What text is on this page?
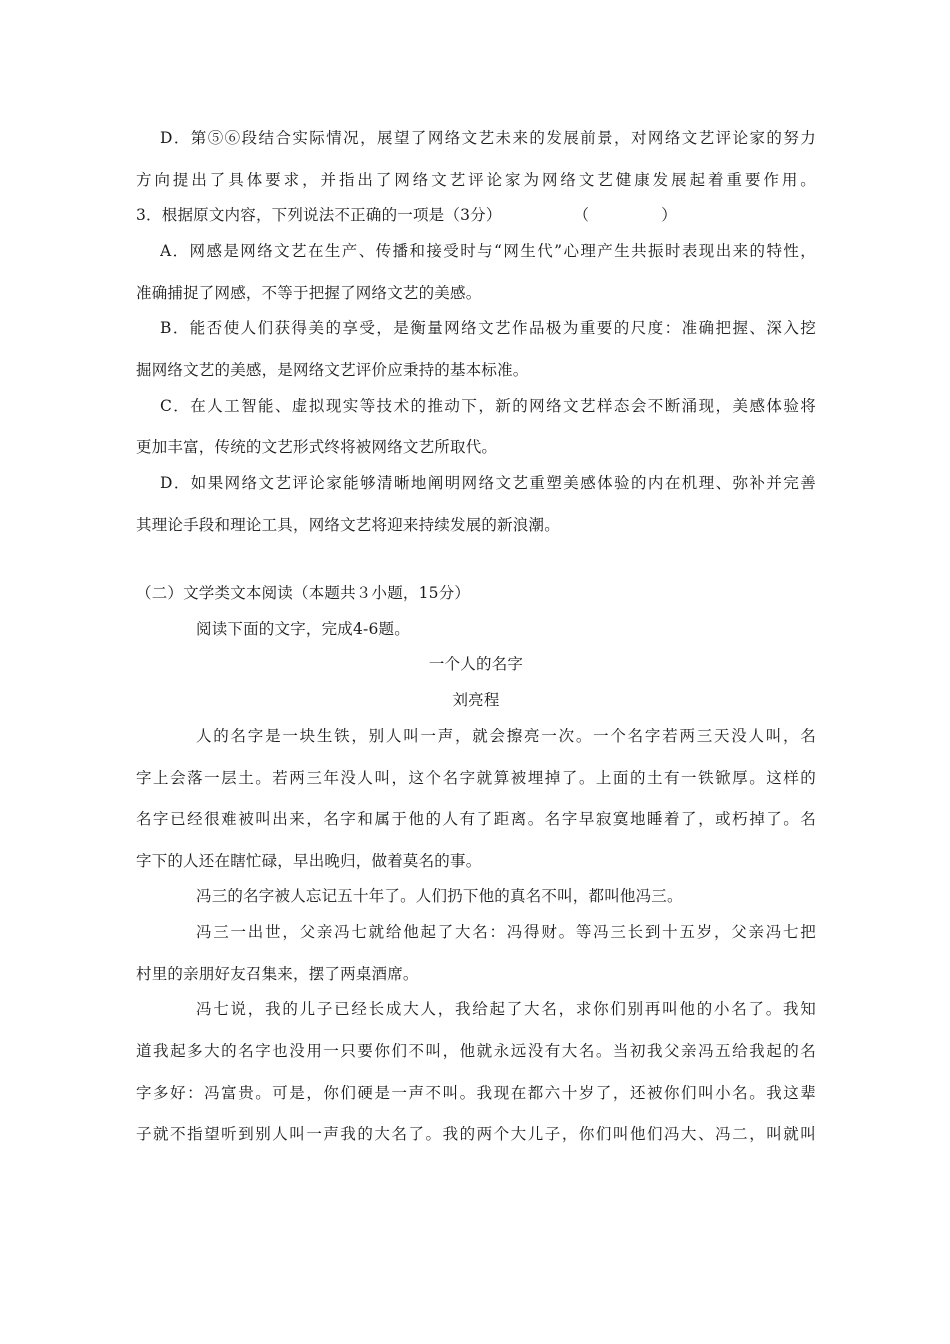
D．第⑤⑥段结合实际情况，展望了网络文艺未来的发展前景，对网络文艺评论家的努力
方向提出了具体要求，并指出了网络文艺评论家为网络文艺健康发展起着重要作用。
3．根据原文内容，下列说法不正确的一项是（3分）	（	）
A．网感是网络文艺在生产、传播和接受时与“网生代”心理产生共振时表现出来的特性，
准确捕捉了网感，不等于把握了网络文艺的美感。
B．能否使人们获得美的享受，是衡量网络文艺作品极为重要的尺度：准确把握、深入挖
掘网络文艺的美感，是网络文艺评价应秉持的基本标准。
C．在人工智能、虚拟现实等技术的推动下，新的网络文艺样态会不断涌现，美感体验将
更加丰富，传统的文艺形式终将被网络文艺所取代。
D．如果网络文艺评论家能够清晰地阐明网络文艺重塑美感体验的内在机理、弥补并完善
其理论手段和理论工具，网络文艺将迎来持续发展的新浪潮。
（二）文学类文本阅读（本题共３小题，15分）
阅读下面的文字，完成4-6题。
一个人的名字
刘亮程
人的名字是一块生铁，别人叫一声，就会擦亮一次。一个名字若两三天没人叫，名
字上会落一层土。若两三年没人叫，这个名字就算被埋掉了。上面的土有一铁锨厚。这样的
名字已经很难被叫出来，名字和属于他的人有了距离。名字早寂寞地睡着了，或朽掉了。名
字下的人还在瞎忙碌，早出晚归，做着莫名的事。
冯三的名字被人忘记五十年了。人们扔下他的真名不叫，都叫他冯三。
冯三一出世，父亲冯七就给他起了大名：冯得财。等冯三长到十五岁，父亲冯七把
村里的亲朋好友召集来，摆了两桌酒席。
冯七说，我的儿子已经长成大人，我给起了大名，求你们别再叫他的小名了。我知
道我起多大的名字也没用一只要你们不叫，他就永远没有大名。当初我父亲冯五给我起的名
字多好：冯富贵。可是，你们硬是一声不叫。我现在都六十岁了，还被你们叫小名。我这辈
子就不指望听到别人叫一声我的大名了。我的两个大儿子，你们叫他们冯大、冯二，叫就叫
